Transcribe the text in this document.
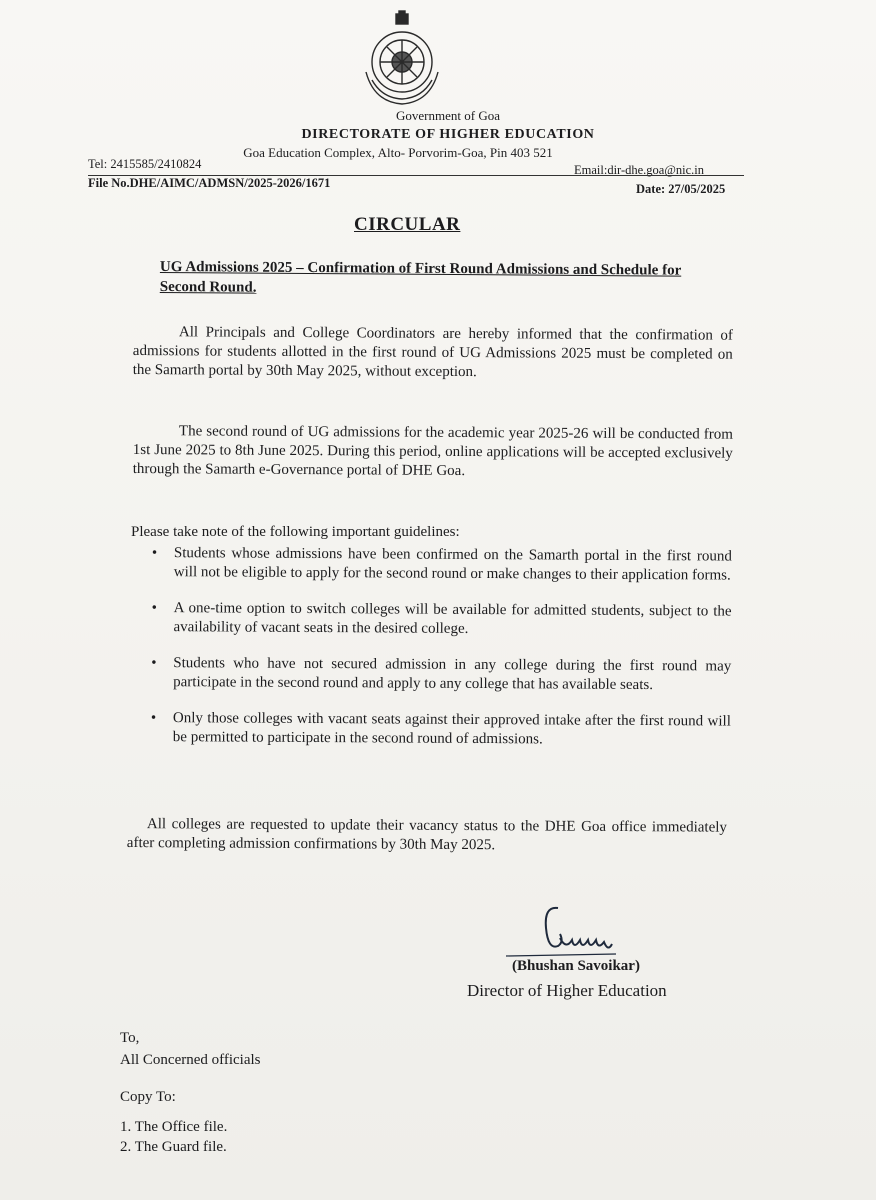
Government of Goa
DIRECTORATE OF HIGHER EDUCATION
Goa Education Complex, Alto- Porvorim-Goa, Pin 403 521
Tel: 2415585/2410824	Email:dir-dhe.goa@nic.in
File No.DHE/AIMC/ADMSN/2025-2026/1671	Date: 27/05/2025
CIRCULAR
UG Admissions 2025 – Confirmation of First Round Admissions and Schedule for Second Round.
All Principals and College Coordinators are hereby informed that the confirmation of admissions for students allotted in the first round of UG Admissions 2025 must be completed on the Samarth portal by 30th May 2025, without exception.
The second round of UG admissions for the academic year 2025-26 will be conducted from 1st June 2025 to 8th June 2025. During this period, online applications will be accepted exclusively through the Samarth e-Governance portal of DHE Goa.
Please take note of the following important guidelines:
• Students whose admissions have been confirmed on the Samarth portal in the first round will not be eligible to apply for the second round or make changes to their application forms.
• A one-time option to switch colleges will be available for admitted students, subject to the availability of vacant seats in the desired college.
• Students who have not secured admission in any college during the first round may participate in the second round and apply to any college that has available seats.
• Only those colleges with vacant seats against their approved intake after the first round will be permitted to participate in the second round of admissions.
All colleges are requested to update their vacancy status to the DHE Goa office immediately after completing admission confirmations by 30th May 2025.
(Bhushan Savoikar)
Director of Higher Education
To,
All Concerned officials
Copy To:
1. The Office file.
2. The Guard file.
